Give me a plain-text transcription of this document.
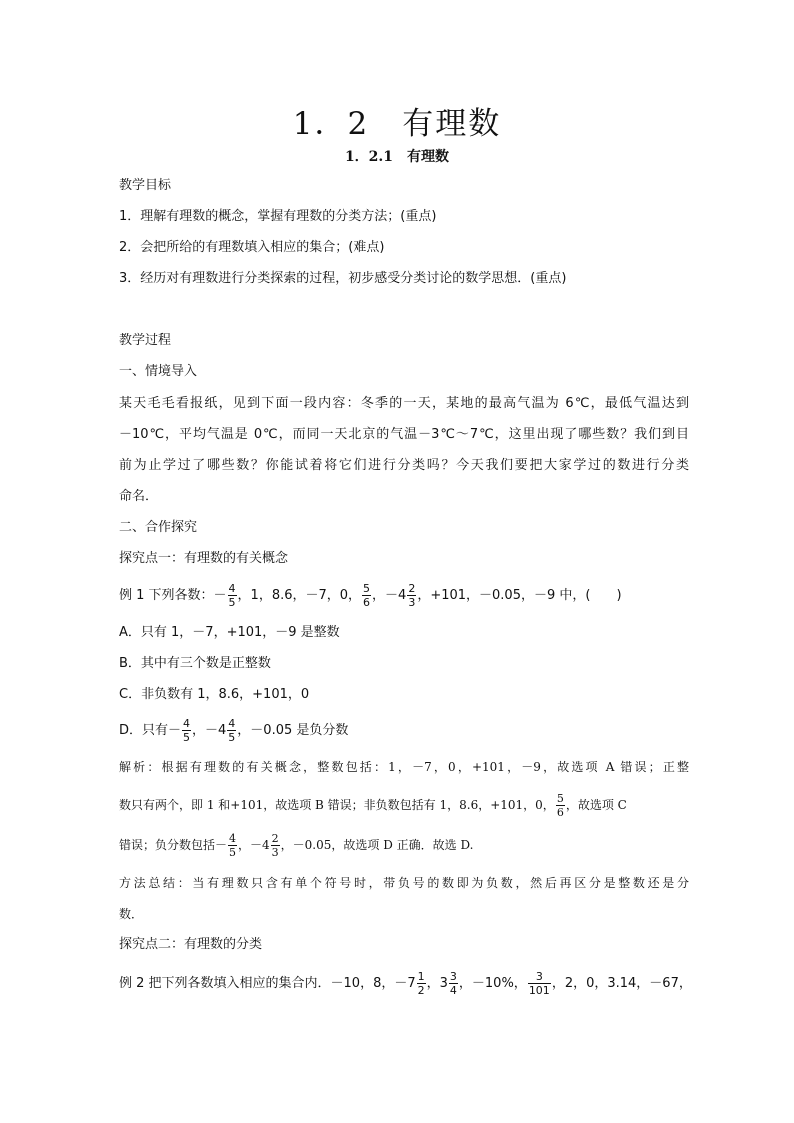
1．2　有理数
1．2.1　有理数
教学目标
1．理解有理数的概念，掌握有理数的分类方法；(重点)
2．会把所给的有理数填入相应的集合；(难点)
3．经历对有理数进行分类探索的过程，初步感受分类讨论的数学思想．(重点)
教学过程
一、情境导入
某天毛毛看报纸，见到下面一段内容：冬季的一天，某地的最高气温为 6℃，最低气温达到
－10℃，平均气温是 0℃，而同一天北京的气温－3℃～7℃，这里出现了哪些数？我们到目
前为止学过了哪些数？你能试着将它们进行分类吗？今天我们要把大家学过的数进行分类
命名．
二、合作探究
探究点一：有理数的有关概念
例 1 下列各数：－ $\frac{4}{5}$ ，1，8.6，－7，0， $\frac{5}{6}$ ，$-4 \frac{2}{3}$ ，+101，－0.05，－9 中，(　　)
A．只有 1，－7，+101，－9 是整数
B．其中有三个数是正整数
C．非负数有 1，8.6，+101，0
D．只有－ $\frac{4}{5}$ ，$-4 \frac{4}{5}$ ，－0.05 是负分数
解析：根据有理数的有关概念，整数包括：1，－7，0，+101，－9，故选项 A 错误；正整
数只有两个，即 1 和+101，故选项 B 错误；非负数包括有 1，8.6，+101，0， $\frac{5}{6}$ ，故选项 C
错误；负分数包括－ $\frac{4}{5}$ ，$-4 \frac{2}{3}$ ，－0.05，故选项 D 正确．故选 D.
方法总结：当有理数只含有单个符号时，带负号的数即为负数，然后再区分是整数还是分
数．
探究点二：有理数的分类
例 2 把下列各数填入相应的集合内．－10，8，$-7 \frac{1}{2}$ ，$3 \frac{3}{4}$ ，－10%， $\frac{3}{101}$ ，2，0，3.14，－67，
